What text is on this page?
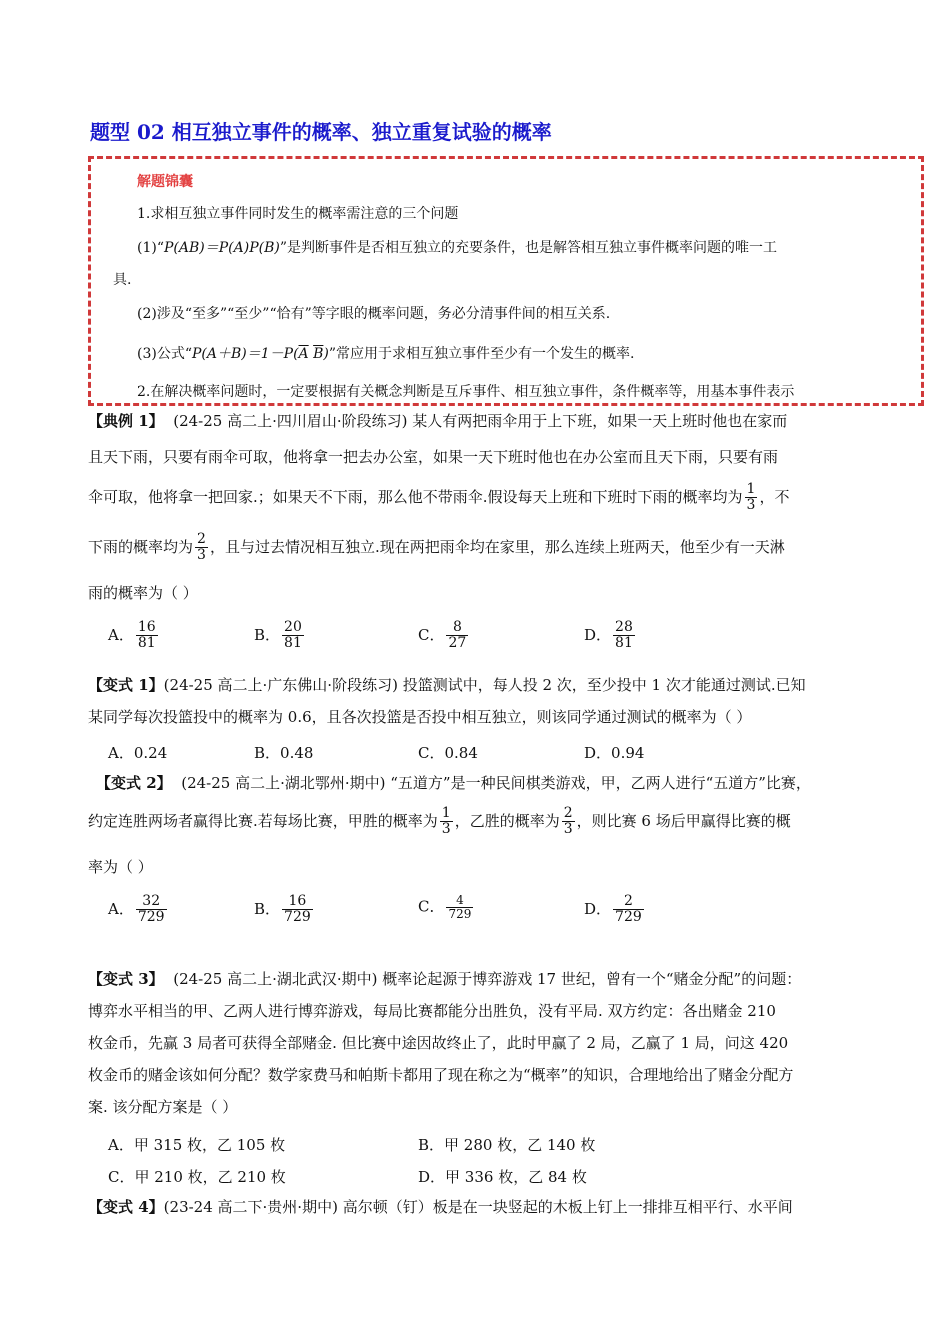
题型 02 相互独立事件的概率、独立重复试验的概率
解题锦囊
1.求相互独立事件同时发生的概率需注意的三个问题
(1)“P(AB)＝P(A)P(B)”是判断事件是否相互独立的充要条件，也是解答相互独立事件概率问题的唯一工
具.
(2)涉及“至多”“至少”“恰有”等字眼的概率问题，务必分清事件间的相互关系.
(3)公式“$P(A+B)=1-P(\overline{A}$ $\overline{B}$)”常应用于求相互独立事件至少有一个发生的概率.
2.在解决概率问题时，一定要根据有关概念判断是互斥事件、相互独立事件，条件概率等，用基本事件表示
【典例 1】 (24-25 高二上·四川眉山·阶段练习) 某人有两把雨伞用于上下班，如果一天上班时他也在家而
且天下雨，只要有雨伞可取，他将拿一把去办公室，如果一天下班时他也在办公室而且天下雨，只要有雨
伞可取，他将拿一把回家.；如果天不下雨，那么他不带雨伞.假设每天上班和下班时下雨的概率均为 $\frac{1}{3}$ ，不
下雨的概率均为 $\frac{2}{3}$ ，且与过去情况相互独立.现在两把雨伞均在家里，那么连续上班两天，他至少有一天淋
雨的概率为（ ）
A． $\frac{16}{81}$	B． $\frac{20}{81}$	C． $\frac{8}{27}$	D． $\frac{28}{81}$
【变式 1】(24-25 高二上·广东佛山·阶段练习) 投篮测试中，每人投 2 次，至少投中 1 次才能通过测试.已知
某同学每次投篮投中的概率为 0.6，且各次投篮是否投中相互独立，则该同学通过测试的概率为（ ）
A．0.24	B．0.48	C．0.84	D．0.94
【变式 2】 (24-25 高二上·湖北鄂州·期中) “五道方”是一种民间棋类游戏，甲，乙两人进行“五道方”比赛，
约定连胜两场者赢得比赛.若每场比赛，甲胜的概率为 $\frac{1}{3}$ ，乙胜的概率为 $\frac{2}{3}$ ，则比赛 6 场后甲赢得比赛的概
率为（ ）
A． $\frac{32}{729}$	B． $\frac{16}{729}$	C． $\frac{4}{729}$	D． $\frac{2}{729}$
【变式 3】 (24-25 高二上·湖北武汉·期中) 概率论起源于博弈游戏 17 世纪，曾有一个“赌金分配”的问题：
博弈水平相当的甲、乙两人进行博弈游戏，每局比赛都能分出胜负，没有平局. 双方约定：各出赌金 210
枚金币，先赢 3 局者可获得全部赌金. 但比赛中途因故终止了，此时甲赢了 2 局，乙赢了 1 局，问这 420
枚金币的赌金该如何分配？数学家费马和帕斯卡都用了现在称之为“概率”的知识，合理地给出了赌金分配方
案. 该分配方案是（ ）
A．甲 315 枚，乙 105 枚	B．甲 280 枚，乙 140 枚
C．甲 210 枚，乙 210 枚	D．甲 336 枚，乙 84 枚
【变式 4】(23-24 高二下·贵州·期中) 高尔顿（钉）板是在一块竖起的木板上钉上一排排互相平行、水平间
